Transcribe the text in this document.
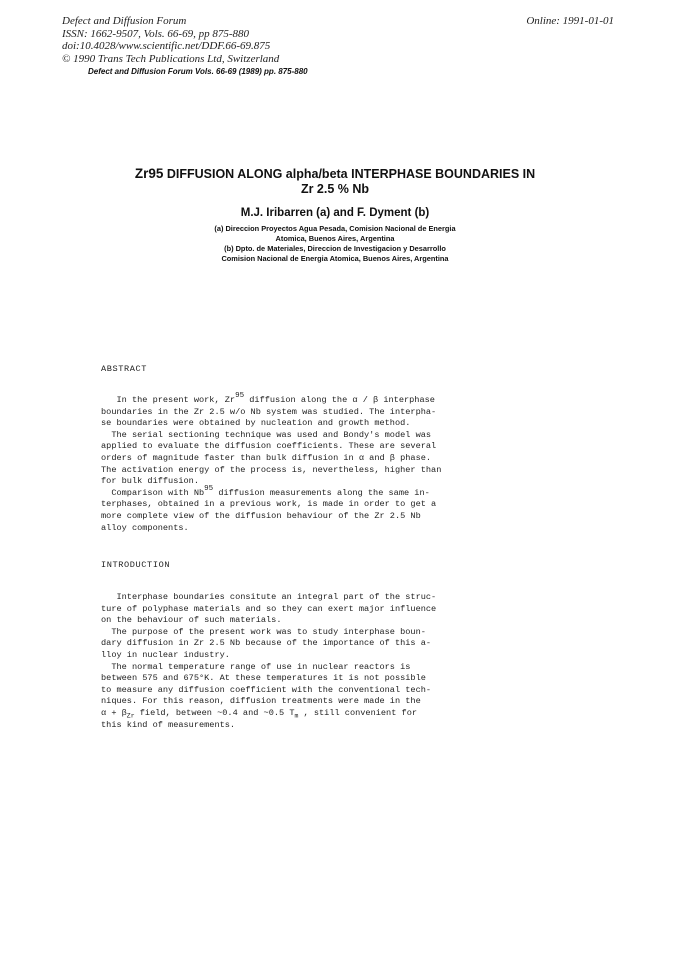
Defect and Diffusion Forum
ISSN: 1662-9507, Vols. 66-69, pp 875-880
doi:10.4028/www.scientific.net/DDF.66-69.875
© 1990 Trans Tech Publications Ltd, Switzerland
Online: 1991-01-01
Defect and Diffusion Forum Vols. 66-69 (1989) pp. 875-880
Zr95 DIFFUSION ALONG alpha/beta INTERPHASE BOUNDARIES IN
Zr 2.5 % Nb
M.J. Iribarren (a) and F. Dyment (b)
(a) Direccion Proyectos Agua Pesada, Comision Nacional de Energia
Atomica, Buenos Aires, Argentina
(b) Dpto. de Materiales, Direccion de Investigacion y Desarrollo
Comision Nacional de Energia Atomica, Buenos Aires, Argentina
ABSTRACT
In the present work, Zr95 diffusion along the α / β interphase
boundaries in the Zr 2.5 w/o Nb system was studied. The interpha-
se boundaries were obtained by nucleation and growth method.
The serial sectioning technique was used and Bondy's model was
applied to evaluate the diffusion coefficients. These are several
orders of magnitude faster than bulk diffusion in α and β phase.
The activation energy of the process is, nevertheless, higher than
for bulk diffusion.
Comparison with Nb95 diffusion measurements along the same in-
terphases, obtained in a previous work, is made in order to get a
more complete view of the diffusion behaviour of the Zr 2.5 Nb
alloy components.
INTRODUCTION
Interphase boundaries consitute an integral part of the struc-
ture of polyphase materials and so they can exert major influence
on the behaviour of such materials.
The purpose of the present work was to study interphase boun-
dary diffusion in Zr 2.5 Nb because of the importance of this a-
lloy in nuclear industry.
The normal temperature range of use in nuclear reactors is
between 575 and 675°K. At these temperatures it is not possible
to measure any diffusion coefficient with the conventional tech-
niques. For this reason, diffusion treatments were made in the
$\alpha + \beta_{Zr}$ field, between ~0.4 and ~0.5 $T_m$ , still convenient for
this kind of measurements.
